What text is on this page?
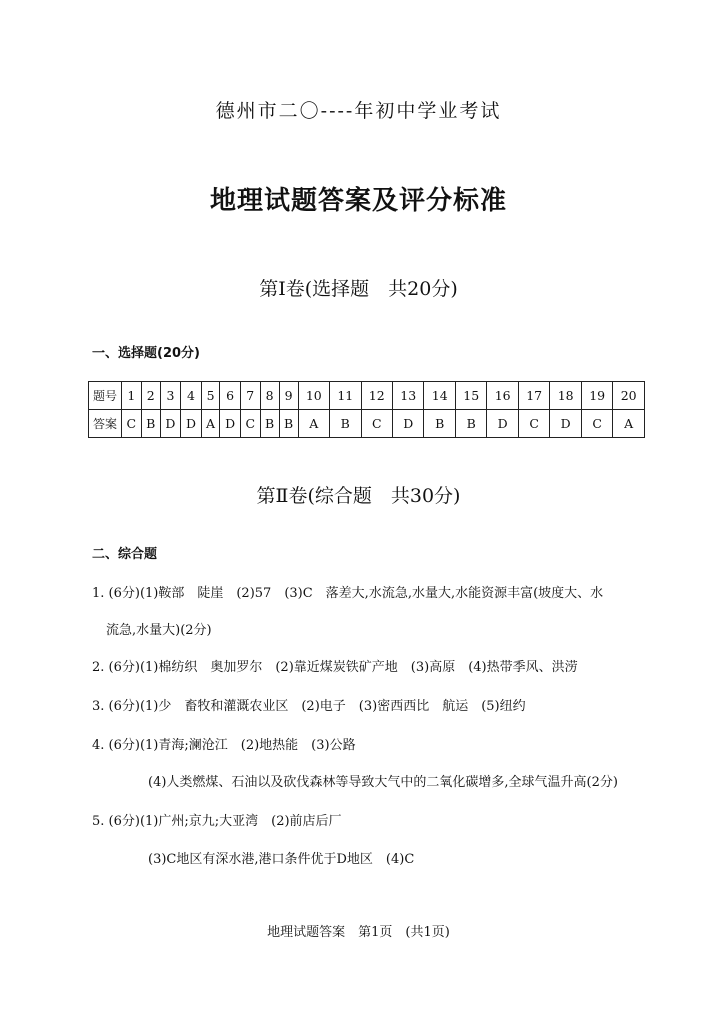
德州市二〇----年初中学业考试
地理试题答案及评分标准
第Ⅰ卷(选择题　共20分)
一、选择题(20分)
题号	1	2	3	4	5	6	7	8	9	10	11	12	13	14	15	16	17	18	19	20
答案	C	B	D	D	A	D	C	B	B	A	B	C	D	B	B	D	C	D	C	A
第Ⅱ卷(综合题　共30分)
二、综合题
1. (6分)(1)鞍部　陡崖　(2)57　(3)C　落差大,水流急,水量大,水能资源丰富(坡度大、水
流急,水量大)(2分)
2. (6分)(1)棉纺织　奥加罗尔　(2)靠近煤炭铁矿产地　(3)高原　(4)热带季风、洪涝
3. (6分)(1)少　畜牧和灌溉农业区　(2)电子　(3)密西西比　航运　(5)纽约
4. (6分)(1)青海;澜沧江　(2)地热能　(3)公路
(4)人类燃煤、石油以及砍伐森林等导致大气中的二氧化碳增多,全球气温升高(2分)
5. (6分)(1)广州;京九;大亚湾　(2)前店后厂
(3)C地区有深水港,港口条件优于D地区　(4)C
地理试题答案　第1页　(共1页)
